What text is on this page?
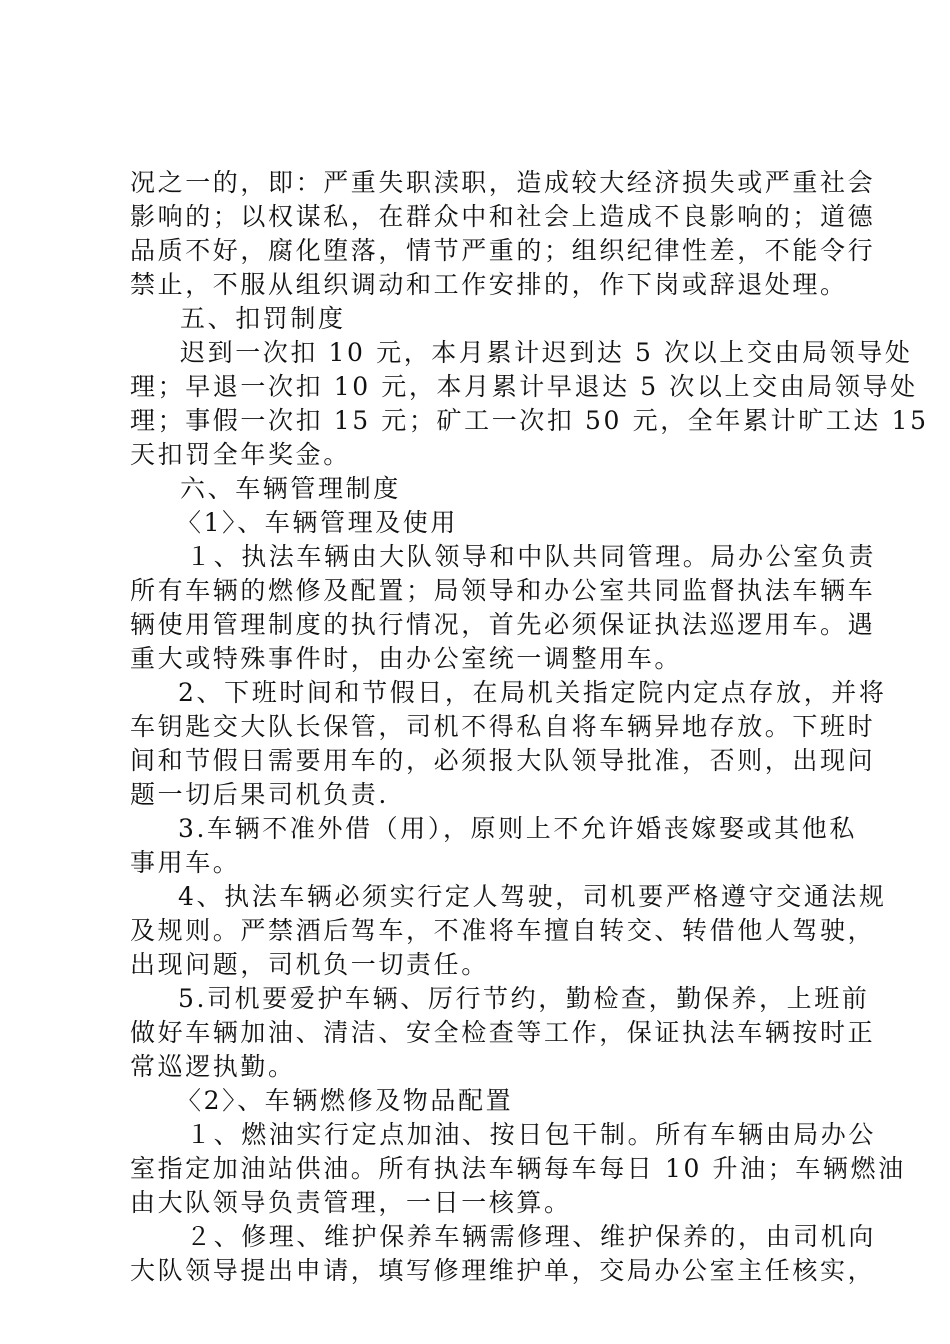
况之一的，即：严重失职渎职，造成较大经济损失或严重社会
影响的；以权谋私，在群众中和社会上造成不良影响的；道德
品质不好，腐化堕落，情节严重的；组织纪律性差，不能令行
禁止，不服从组织调动和工作安排的，作下岗或辞退处理。
五、扣罚制度
迟到一次扣 10 元，本月累计迟到达 5 次以上交由局领导处
理；早退一次扣 10 元，本月累计早退达 5 次以上交由局领导处
理；事假一次扣 15 元；矿工一次扣 50 元，全年累计旷工达 15
天扣罚全年奖金。
六、车辆管理制度
〈1〉、车辆管理及使用
１、执法车辆由大队领导和中队共同管理。局办公室负责
所有车辆的燃修及配置；局领导和办公室共同监督执法车辆车
辆使用管理制度的执行情况，首先必须保证执法巡逻用车。遇
重大或特殊事件时，由办公室统一调整用车。
2、下班时间和节假日，在局机关指定院内定点存放，并将
车钥匙交大队长保管，司机不得私自将车辆异地存放。下班时
间和节假日需要用车的，必须报大队领导批准，否则，出现问
题一切后果司机负责.
3.车辆不准外借（用），原则上不允许婚丧嫁娶或其他私
事用车。
4、执法车辆必须实行定人驾驶，司机要严格遵守交通法规
及规则。严禁酒后驾车，不准将车擅自转交、转借他人驾驶，
出现问题，司机负一切责任。
5.司机要爱护车辆、厉行节约，勤检查，勤保养，上班前
做好车辆加油、清洁、安全检查等工作，保证执法车辆按时正
常巡逻执勤。
〈2〉、车辆燃修及物品配置
１、燃油实行定点加油、按日包干制。所有车辆由局办公
室指定加油站供油。所有执法车辆每车每日 10 升油；车辆燃油
由大队领导负责管理，一日一核算。
２、修理、维护保养车辆需修理、维护保养的，由司机向
大队领导提出申请，填写修理维护单，交局办公室主任核实，
